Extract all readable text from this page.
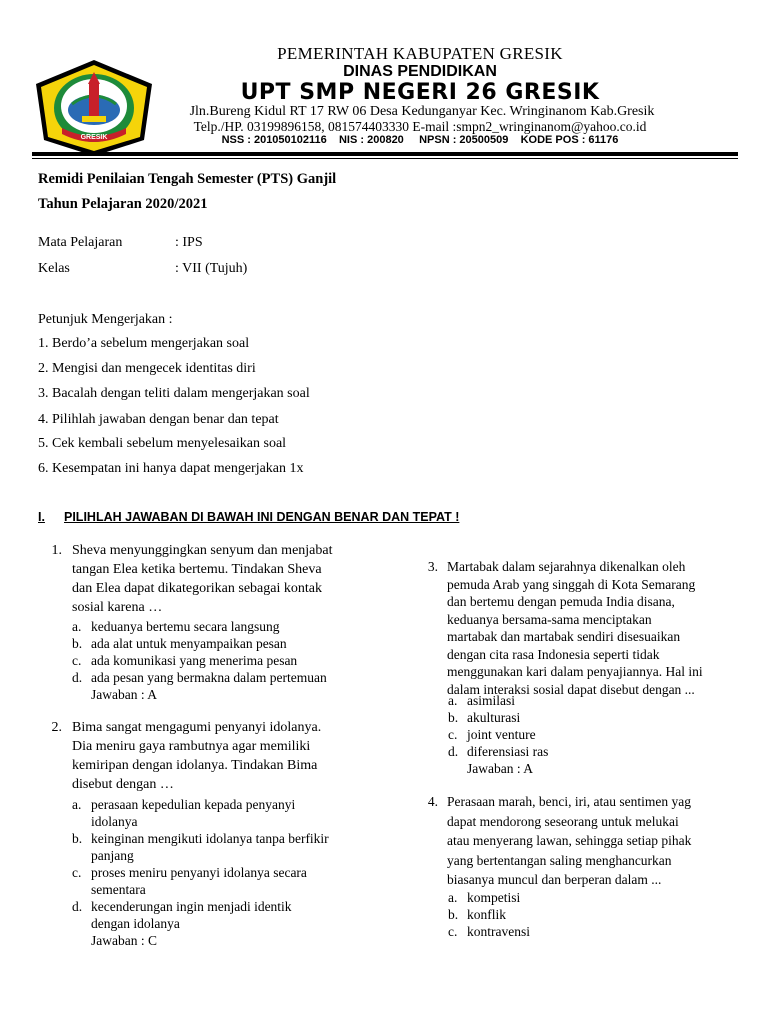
GRESIK
PEMERINTAH KABUPATEN GRESIK
DINAS PENDIDIKAN
UPT SMP NEGERI 26 GRESIK
Jln.Bureng Kidul RT 17 RW 06 Desa Kedunganyar Kec. Wringinanom Kab.Gresik
Telp./HP. 03199896158, 081574403330 E-mail :smpn2_wringinanom@yahoo.co.id
NSS : 201050102116    NIS : 200820     NPSN : 20500509    KODE POS : 61176
Remidi Penilaian Tengah Semester (PTS) Ganjil
Tahun Pelajaran 2020/2021
Mata Pelajaran	: IPS
Kelas	: VII (Tujuh)
Petunjuk Mengerjakan :
1. Berdo’a sebelum mengerjakan soal
2. Mengisi dan mengecek identitas diri
3. Bacalah dengan teliti dalam mengerjakan soal
4. Pilihlah jawaban dengan benar dan tepat
5. Cek kembali sebelum menyelesaikan soal
6. Kesempatan ini hanya dapat mengerjakan 1x
I. PILIHLAH JAWABAN DI BAWAH INI DENGAN BENAR DAN TEPAT !
1. Sheva menyunggingkan senyum dan menjabat
tangan Elea ketika bertemu. Tindakan Sheva
dan Elea dapat dikategorikan sebagai kontak
sosial karena …
a. keduanya bertemu secara langsung
b. ada alat untuk menyampaikan pesan
c. ada komunikasi yang menerima pesan
d. ada pesan yang bermakna dalam pertemuan
Jawaban : A
2. Bima sangat mengagumi penyanyi idolanya.
Dia meniru gaya rambutnya agar memiliki
kemiripan dengan idolanya. Tindakan Bima
disebut dengan …
a. perasaan kepedulian kepada penyanyi
idolanya
b. keinginan mengikuti idolanya tanpa berfikir
panjang
c. proses meniru penyanyi idolanya secara
sementara
d. kecenderungan ingin menjadi identik
dengan idolanya
Jawaban : C
3. Martabak dalam sejarahnya dikenalkan oleh
pemuda Arab yang singgah di Kota Semarang
dan bertemu dengan pemuda India disana,
keduanya bersama-sama menciptakan
martabak dan martabak sendiri disesuaikan
dengan cita rasa Indonesia seperti tidak
menggunakan kari dalam penyajiannya. Hal ini
dalam interaksi sosial dapat disebut dengan ...
a. asimilasi
b. akulturasi
c. joint venture
d. diferensiasi ras
Jawaban : A
4. Perasaan marah, benci, iri, atau sentimen yag
dapat mendorong seseorang untuk melukai
atau menyerang lawan, sehingga setiap pihak
yang bertentangan saling menghancurkan
biasanya muncul dan berperan dalam ...
a. kompetisi
b. konflik
c. kontravensi
